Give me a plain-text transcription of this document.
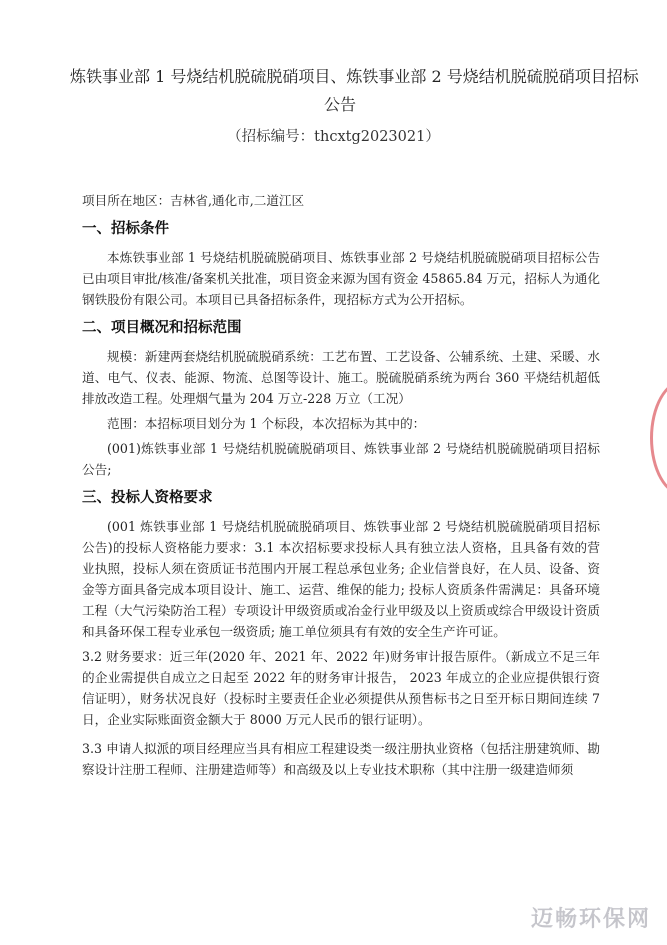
炼铁事业部 1 号烧结机脱硫脱硝项目、炼铁事业部 2 号烧结机脱硫脱硝项目招标
公告
（招标编号：thcxtg2023021）

项目所在地区：吉林省,通化市,二道江区

一、招标条件

本炼铁事业部 1 号烧结机脱硫脱硝项目、炼铁事业部 2 号烧结机脱硫脱硝项目招标公告已由项目审批/核准/备案机关批准，项目资金来源为国有资金 45865.84 万元，招标人为通化钢铁股份有限公司。本项目已具备招标条件，现招标方式为公开招标。

二、项目概况和招标范围

规模：新建两套烧结机脱硫脱硝系统：工艺布置、工艺设备、公辅系统、土建、采暖、水道、电气、仪表、能源、物流、总图等设计、施工。脱硫脱硝系统为两台 360 平烧结机超低排放改造工程。处理烟气量为 204 万立-228 万立（工况）

范围：本招标项目划分为 1 个标段，本次招标为其中的：

(001)炼铁事业部 1 号烧结机脱硫脱硝项目、炼铁事业部 2 号烧结机脱硫脱硝项目招标公告;

三、投标人资格要求

(001 炼铁事业部 1 号烧结机脱硫脱硝项目、炼铁事业部 2 号烧结机脱硫脱硝项目招标公告)的投标人资格能力要求：3.1 本次招标要求投标人具有独立法人资格，且具备有效的营业执照，投标人须在资质证书范围内开展工程总承包业务; 企业信誉良好，在人员、设备、资金等方面具备完成本项目设计、施工、运营、维保的能力; 投标人资质条件需满足：具备环境工程（大气污染防治工程）专项设计甲级资质或冶金行业甲级及以上资质或综合甲级设计资质和具备环保工程专业承包一级资质; 施工单位须具有有效的安全生产许可证。

3.2 财务要求：近三年(2020 年、2021 年、2022 年)财务审计报告原件。（新成立不足三年的企业需提供自成立之日起至 2022 年的财务审计报告， 2023 年成立的企业应提供银行资信证明），财务状况良好（投标时主要责任企业必须提供从预售标书之日至开标日期间连续 7 日，企业实际账面资金额大于 8000 万元人民币的银行证明）。

3.3 申请人拟派的项目经理应当具有相应工程建设类一级注册执业资格（包括注册建筑师、勘察设计注册工程师、注册建造师等）和高级及以上专业技术职称（其中注册一级建造师须

迈畅环保网
